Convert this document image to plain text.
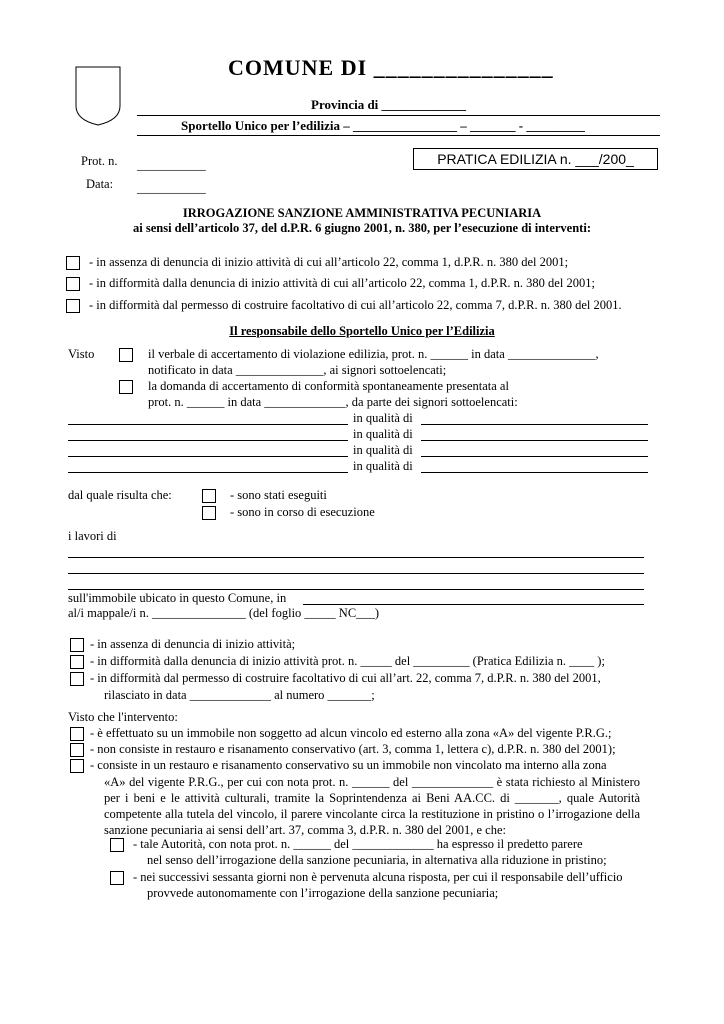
COMUNE DI _______________
Provincia di _____________
Sportello Unico per l’edilizia – ________________ – _______ - _________
Prot. n. ___________
Data: ___________
PRATICA EDILIZIA n. ___/200_
IRROGAZIONE SANZIONE AMMINISTRATIVA PECUNIARIA
ai sensi dell’articolo 37, del d.P.R. 6 giugno 2001, n. 380, per l’esecuzione di interventi:
- in assenza di denuncia di inizio attività di cui all’articolo 22, comma 1, d.P.R. n. 380 del 2001;
- in difformità dalla denuncia di inizio attività di cui all’articolo 22, comma 1, d.P.R. n. 380 del 2001;
- in difformità dal permesso di costruire facoltativo di cui all’articolo 22, comma 7, d.P.R. n. 380 del 2001.
Il responsabile dello Sportello Unico per l’Edilizia
Visto	il verbale di accertamento di violazione edilizia, prot. n. ______ in data ______________,
notificato in data ______________, ai signori sottoelencati;
la domanda di accertamento di conformità spontaneamente presentata al
prot. n. ______ in data _____________, da parte dei signori sottoelencati:
in qualità di
in qualità di
in qualità di
in qualità di
dal quale risulta che:	- sono stati eseguiti
- sono in corso di esecuzione
i lavori di
sull'immobile ubicato in questo Comune, in
al/i mappale/i n. _______________ (del foglio _____ NC___)
- in assenza di denuncia di inizio attività;
- in difformità dalla denuncia di inizio attività prot. n. _____ del _________ (Pratica Edilizia n. ____ );
- in difformità dal permesso di costruire facoltativo di cui all’art. 22, comma 7, d.P.R. n. 380 del 2001,
rilasciato in data _____________ al numero _______;
Visto che l'intervento:
- è effettuato su un immobile non soggetto ad alcun vincolo ed esterno alla zona «A» del vigente P.R.G.;
- non consiste in restauro e risanamento conservativo (art. 3, comma 1, lettera c), d.P.R. n. 380 del 2001);
- consiste in un restauro e risanamento conservativo su un immobile non vincolato ma interno alla zona
«A» del vigente P.R.G., per cui con nota prot. n. ______ del _____________ è stata richiesto al Ministero per i beni e le attività culturali, tramite la Soprintendenza ai Beni AA.CC. di _______, quale Autorità competente alla tutela del vincolo, il parere vincolante circa la restituzione in pristino o l’irrogazione della sanzione pecuniaria ai sensi dell’art. 37, comma 3, d.P.R. n. 380 del 2001, e che:
- tale Autorità, con nota prot. n. ______ del _____________ ha espresso il predetto parere
nel senso dell’irrogazione della sanzione pecuniaria, in alternativa alla riduzione in pristino;
- nei successivi sessanta giorni non è pervenuta alcuna risposta, per cui il responsabile dell’ufficio
provvede autonomamente con l’irrogazione della sanzione pecuniaria;
